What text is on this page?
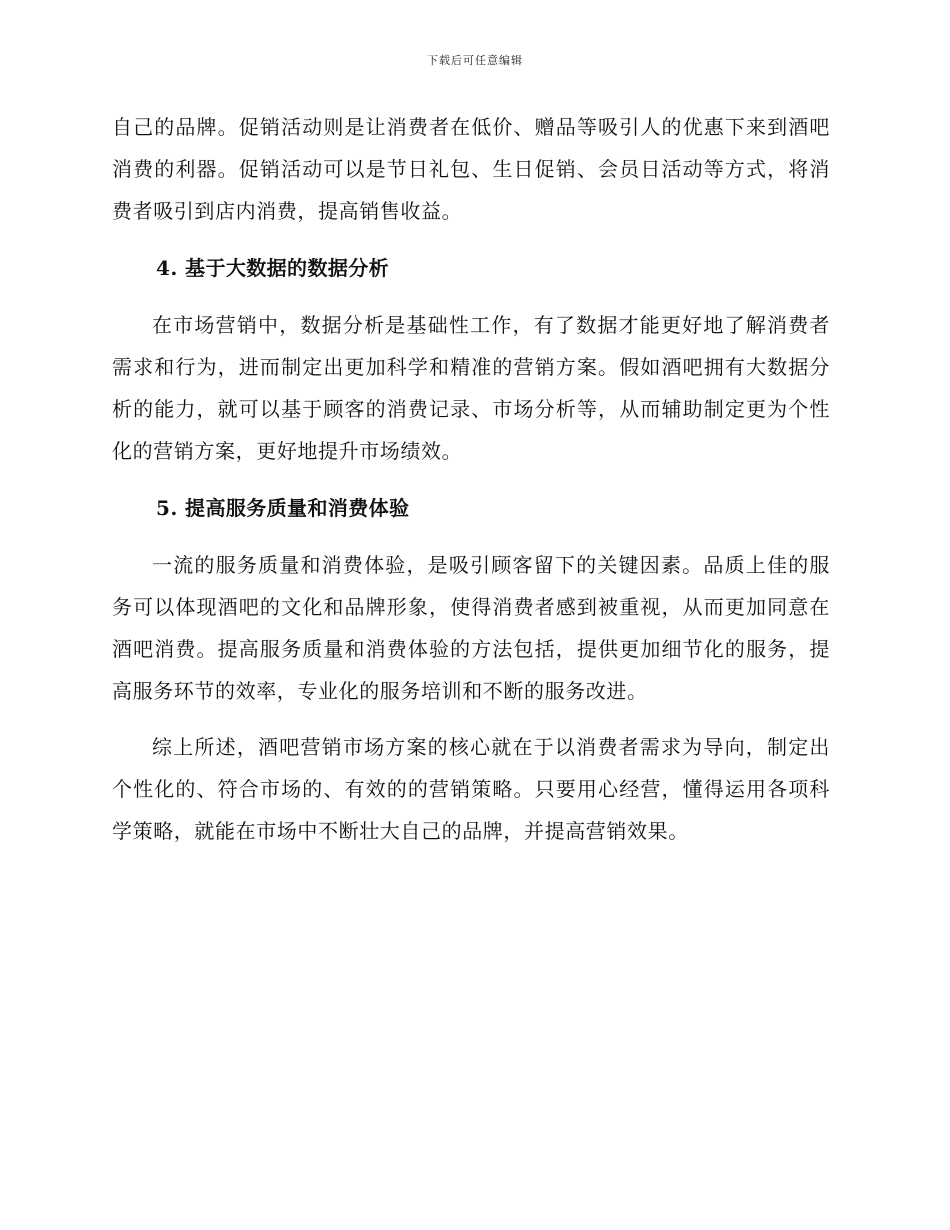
下载后可任意编辑

自己的品牌。促销活动则是让消费者在低价、赠品等吸引人的优惠下来到酒吧消费的利器。促销活动可以是节日礼包、生日促销、会员日活动等方式，将消费者吸引到店内消费，提高销售收益。

4. 基于大数据的数据分析

在市场营销中，数据分析是基础性工作，有了数据才能更好地了解消费者需求和行为，进而制定出更加科学和精准的营销方案。假如酒吧拥有大数据分析的能力，就可以基于顾客的消费记录、市场分析等，从而辅助制定更为个性化的营销方案，更好地提升市场绩效。

5. 提高服务质量和消费体验

一流的服务质量和消费体验，是吸引顾客留下的关键因素。品质上佳的服务可以体现酒吧的文化和品牌形象，使得消费者感到被重视，从而更加同意在酒吧消费。提高服务质量和消费体验的方法包括，提供更加细节化的服务，提高服务环节的效率，专业化的服务培训和不断的服务改进。

综上所述，酒吧营销市场方案的核心就在于以消费者需求为导向，制定出个性化的、符合市场的、有效的的营销策略。只要用心经营，懂得运用各项科学策略，就能在市场中不断壮大自己的品牌，并提高营销效果。
